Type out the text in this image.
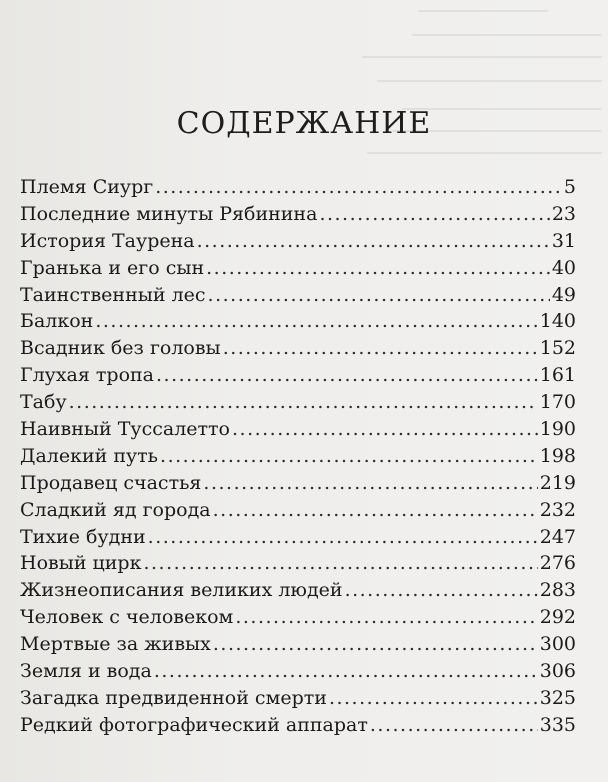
СОДЕРЖАНИЕ
Племя Сиург .....	5
Последние минуты Рябинина .....	23
История Таурена .....	31
Гранька и его сын .....	40
Таинственный лес .....	49
Балкон .....	140
Всадник без головы .....	152
Глухая тропа .....	161
Табу .....	170
Наивный Туссалетто .....	190
Далекий путь .....	198
Продавец счастья .....	219
Сладкий яд города .....	232
Тихие будни .....	247
Новый цирк .....	276
Жизнеописания великих людей .....	283
Человек с человеком .....	292
Мертвые за живых .....	300
Земля и вода .....	306
Загадка предвиденной смерти .....	325
Редкий фотографический аппарат .....	335
